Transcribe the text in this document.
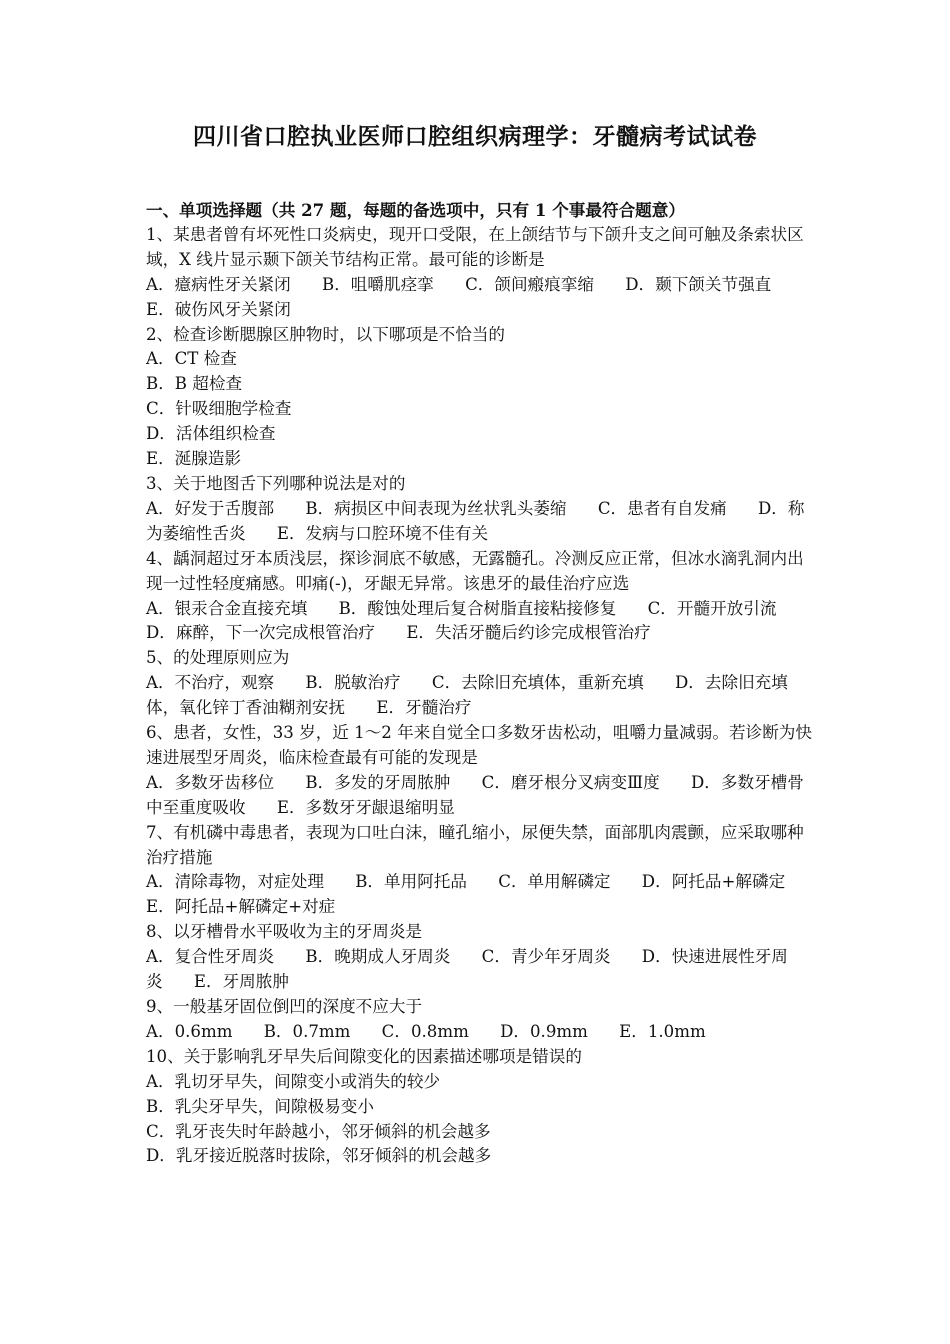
四川省口腔执业医师口腔组织病理学：牙髓病考试试卷
一、单项选择题（共 27 题，每题的备选项中，只有 1 个事最符合题意）
1、某患者曾有坏死性口炎病史，现开口受限，在上颌结节与下颌升支之间可触及条索状区域，X 线片显示颞下颌关节结构正常。最可能的诊断是
A．癔病性牙关紧闭 B．咀嚼肌痉挛 C．颌间瘢痕挛缩 D．颞下颌关节强直 E．破伤风牙关紧闭
2、检查诊断腮腺区肿物时，以下哪项是不恰当的
A．CT 检查
B．B 超检查
C．针吸细胞学检查
D．活体组织检查
E．涎腺造影
3、关于地图舌下列哪种说法是对的
A．好发于舌腹部 B．病损区中间表现为丝状乳头萎缩 C．患者有自发痛 D．称为萎缩性舌炎 E．发病与口腔环境不佳有关
4、龋洞超过牙本质浅层，探诊洞底不敏感，无露髓孔。冷测反应正常，但冰水滴乳洞内出现一过性轻度痛感。叩痛(-)，牙龈无异常。该患牙的最佳治疗应选
A．银汞合金直接充填 B．酸蚀处理后复合树脂直接粘接修复 C．开髓开放引流 D．麻醉，下一次完成根管治疗 E．失活牙髓后约诊完成根管治疗
5、的处理原则应为
A．不治疗，观察 B．脱敏治疗 C．去除旧充填体，重新充填 D．去除旧充填体，氧化锌丁香油糊剂安抚 E．牙髓治疗
6、患者，女性，33 岁，近 1～2 年来自觉全口多数牙齿松动，咀嚼力量减弱。若诊断为快速进展型牙周炎，临床检查最有可能的发现是
A．多数牙齿移位 B．多发的牙周脓肿 C．磨牙根分叉病变Ⅲ度 D．多数牙槽骨中至重度吸收 E．多数牙牙龈退缩明显
7、有机磷中毒患者，表现为口吐白沫，瞳孔缩小，尿便失禁，面部肌肉震颤，应采取哪种治疗措施
A．清除毒物，对症处理 B．单用阿托品 C．单用解磷定 D．阿托品+解磷定 E．阿托品+解磷定+对症
8、以牙槽骨水平吸收为主的牙周炎是
A．复合性牙周炎 B．晚期成人牙周炎 C．青少年牙周炎 D．快速进展性牙周炎 E．牙周脓肿
9、一般基牙固位倒凹的深度不应大于
A．0.6mm B．0.7mm C．0.8mm D．0.9mm E．1.0mm
10、关于影响乳牙早失后间隙变化的因素描述哪项是错误的
A．乳切牙早失，间隙变小或消失的较少
B．乳尖牙早失，间隙极易变小
C．乳牙丧失时年龄越小，邻牙倾斜的机会越多
D．乳牙接近脱落时拔除，邻牙倾斜的机会越多
